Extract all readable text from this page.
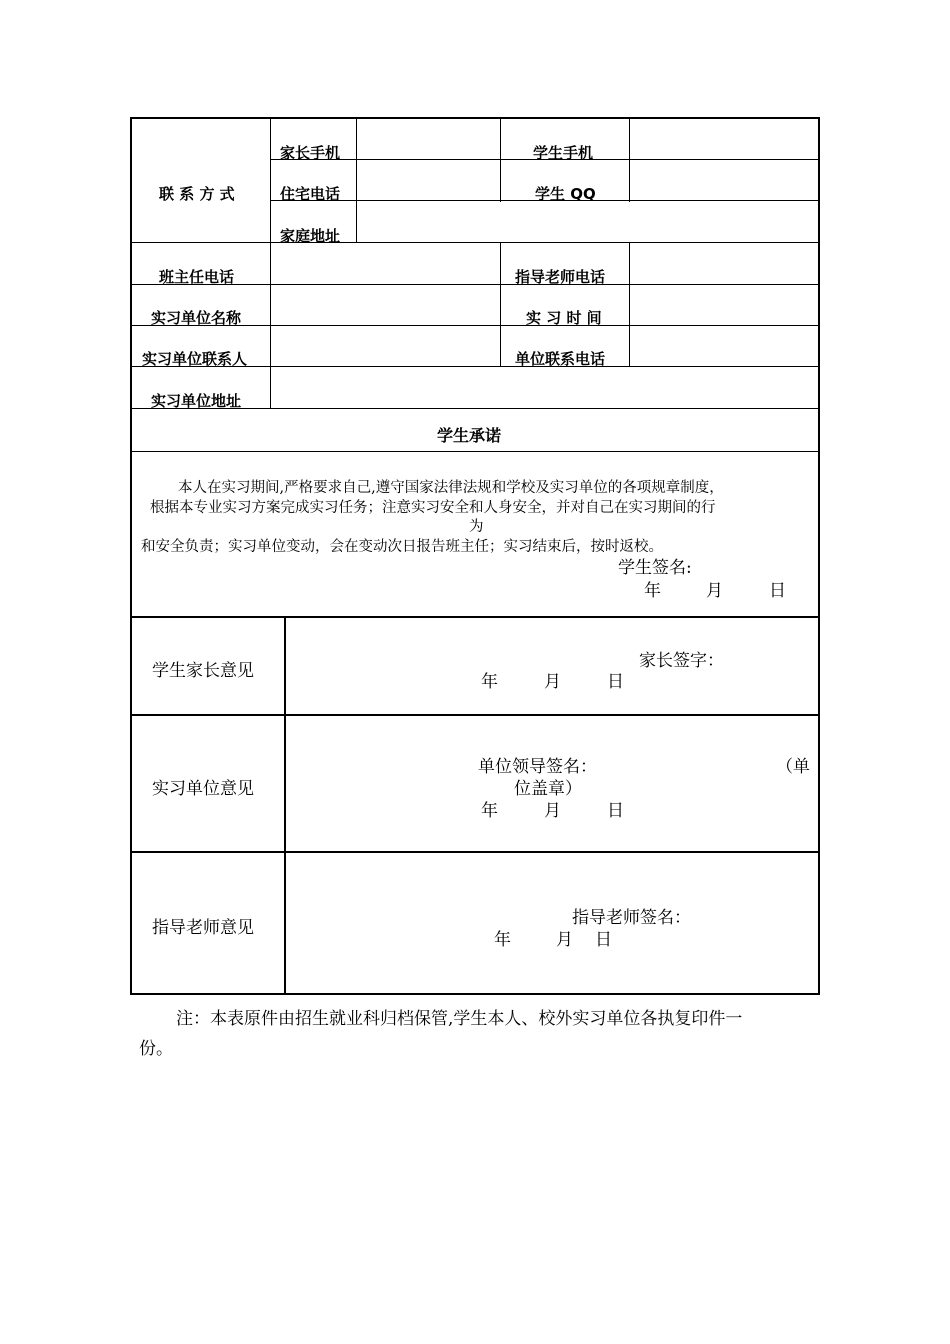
联 系 方 式
家长手机	学生手机
住宅电话	学生 QQ
家庭地址
班主任电话	指导老师电话
实习单位名称	实 习 时 间
实习单位联系人	单位联系电话
实习单位地址
学生承诺
本人在实习期间,严格要求自己,遵守国家法律法规和学校及实习单位的各项规章制度，
根据本专业实习方案完成实习任务；注意实习安全和人身安全，并对自己在实习期间的行
为
和安全负责；实习单位变动，会在变动次日报告班主任；实习结束后，按时返校。
学生签名:
年	月	日
学生家长意见	家长签字：
年	月	日
实习单位意见
单位领导签名：	（单
位盖章）
年	月	日
指导老师意见	指导老师签名：
年	月 日
注：本表原件由招生就业科归档保管,学生本人、校外实习单位各执复印件一
份。
